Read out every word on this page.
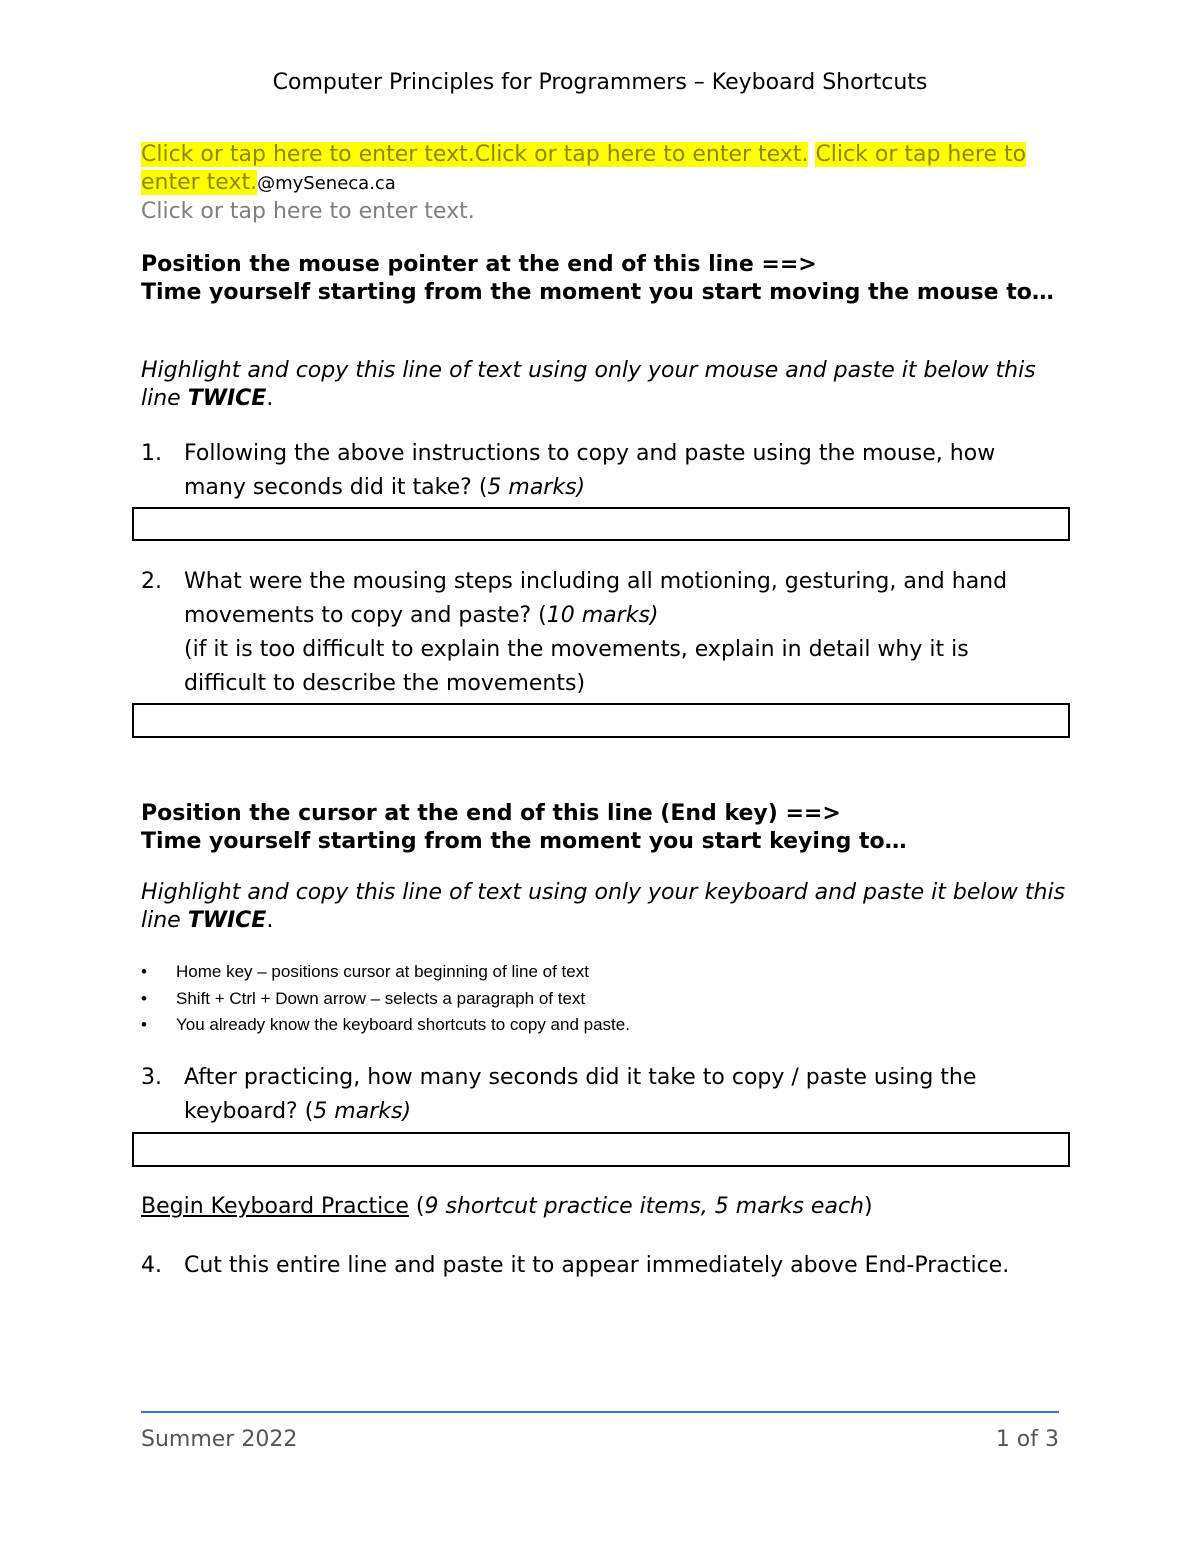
Computer Principles for Programmers – Keyboard Shortcuts
Click or tap here to enter text.Click or tap here to enter text. Click or tap here to enter text.@mySeneca.ca
Click or tap here to enter text.
Position the mouse pointer at the end of this line ==>
Time yourself starting from the moment you start moving the mouse to…
Highlight and copy this line of text using only your mouse and paste it below this line TWICE.
1. Following the above instructions to copy and paste using the mouse, how many seconds did it take? (5 marks)
2. What were the mousing steps including all motioning, gesturing, and hand movements to copy and paste? (10 marks)
(if it is too difficult to explain the movements, explain in detail why it is difficult to describe the movements)
Position the cursor at the end of this line (End key) ==>
Time yourself starting from the moment you start keying to…
Highlight and copy this line of text using only your keyboard and paste it below this line TWICE.
• Home key – positions cursor at beginning of line of text
• Shift + Ctrl + Down arrow – selects a paragraph of text
• You already know the keyboard shortcuts to copy and paste.
3. After practicing, how many seconds did it take to copy / paste using the keyboard? (5 marks)
Begin Keyboard Practice (9 shortcut practice items, 5 marks each)
4. Cut this entire line and paste it to appear immediately above End-Practice.
Summer 2022	1 of 3
